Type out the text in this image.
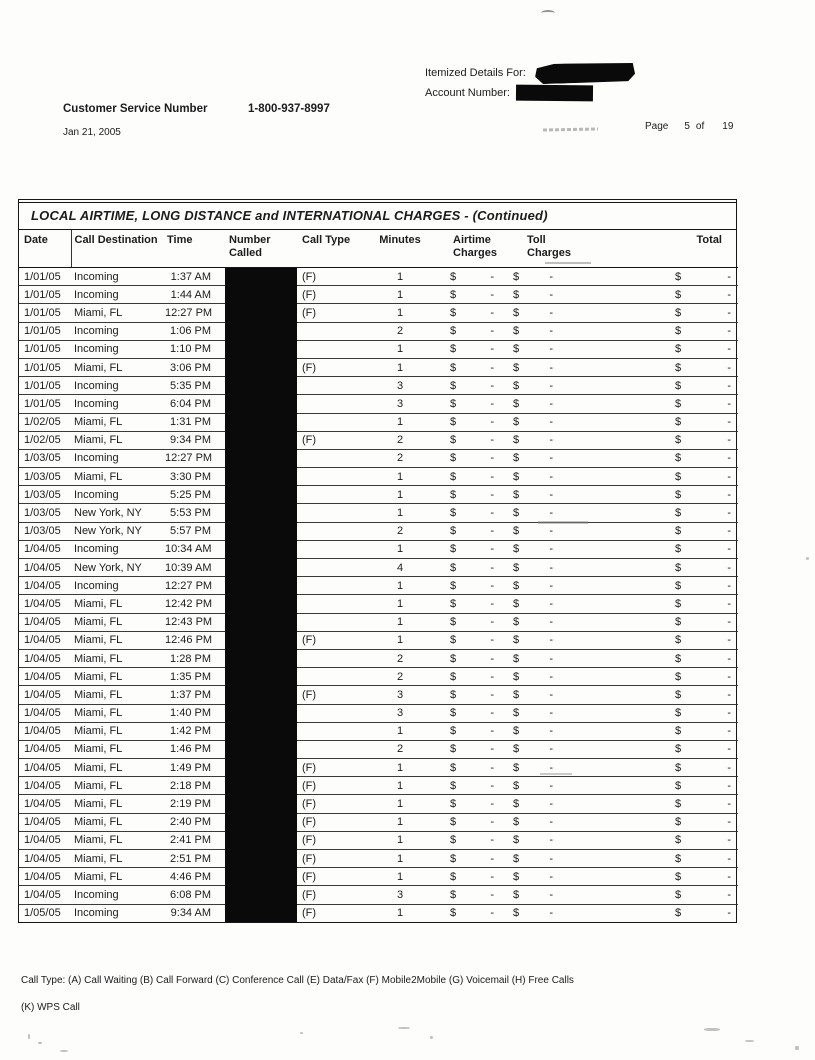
Itemized Details For:
Account Number:
Customer Service Number	1-800-937-8997
Jan 21, 2005
Page 5 of 19
LOCAL AIRTIME, LONG DISTANCE and INTERNATIONAL CHARGES - (Continued)
Date	Call Destination	Time	Number Called	Call Type	Minutes	Airtime Charges	Toll Charges	Total
1/01/05	Incoming	1:37 AM		(F)	1	$ -	$ -	$ -

1/01/05	Incoming	1:44 AM		(F)	1	$ -	$ -	$ -

1/01/05	Miami, FL	12:27 PM		(F)	1	$ -	$ -	$ -

1/01/05	Incoming	1:06 PM			2	$ -	$ -	$ -

1/01/05	Incoming	1:10 PM			1	$ -	$ -	$ -

1/01/05	Miami, FL	3:06 PM		(F)	1	$ -	$ -	$ -

1/01/05	Incoming	5:35 PM			3	$ -	$ -	$ -

1/01/05	Incoming	6:04 PM			3	$ -	$ -	$ -

1/02/05	Miami, FL	1:31 PM			1	$ -	$ -	$ -

1/02/05	Miami, FL	9:34 PM		(F)	2	$ -	$ -	$ -

1/03/05	Incoming	12:27 PM			2	$ -	$ -	$ -

1/03/05	Miami, FL	3:30 PM			1	$ -	$ -	$ -

1/03/05	Incoming	5:25 PM			1	$ -	$ -	$ -

1/03/05	New York, NY	5:53 PM			1	$ -	$ -	$ -

1/03/05	New York, NY	5:57 PM			2	$ -	$ -	$ -

1/04/05	Incoming	10:34 AM			1	$ -	$ -	$ -

1/04/05	New York, NY	10:39 AM			4	$ -	$ -	$ -

1/04/05	Incoming	12:27 PM			1	$ -	$ -	$ -

1/04/05	Miami, FL	12:42 PM			1	$ -	$ -	$ -

1/04/05	Miami, FL	12:43 PM			1	$ -	$ -	$ -

1/04/05	Miami, FL	12:46 PM		(F)	1	$ -	$ -	$ -

1/04/05	Miami, FL	1:28 PM			2	$ -	$ -	$ -

1/04/05	Miami, FL	1:35 PM			2	$ -	$ -	$ -

1/04/05	Miami, FL	1:37 PM		(F)	3	$ -	$ -	$ -

1/04/05	Miami, FL	1:40 PM			3	$ -	$ -	$ -

1/04/05	Miami, FL	1:42 PM			1	$ -	$ -	$ -

1/04/05	Miami, FL	1:46 PM			2	$ -	$ -	$ -

1/04/05	Miami, FL	1:49 PM		(F)	1	$ -	$ -	$ -

1/04/05	Miami, FL	2:18 PM		(F)	1	$ -	$ -	$ -

1/04/05	Miami, FL	2:19 PM		(F)	1	$ -	$ -	$ -

1/04/05	Miami, FL	2:40 PM		(F)	1	$ -	$ -	$ -

1/04/05	Miami, FL	2:41 PM		(F)	1	$ -	$ -	$ -

1/04/05	Miami, FL	2:51 PM		(F)	1	$ -	$ -	$ -

1/04/05	Miami, FL	4:46 PM		(F)	1	$ -	$ -	$ -

1/04/05	Incoming	6:08 PM		(F)	3	$ -	$ -	$ -

1/05/05	Incoming	9:34 AM		(F)	1	$ -	$ -	$ -
Call Type: (A) Call Waiting (B) Call Forward (C) Conference Call (E) Data/Fax (F) Mobile2Mobile (G) Voicemail (H) Free Calls
(K) WPS Call
